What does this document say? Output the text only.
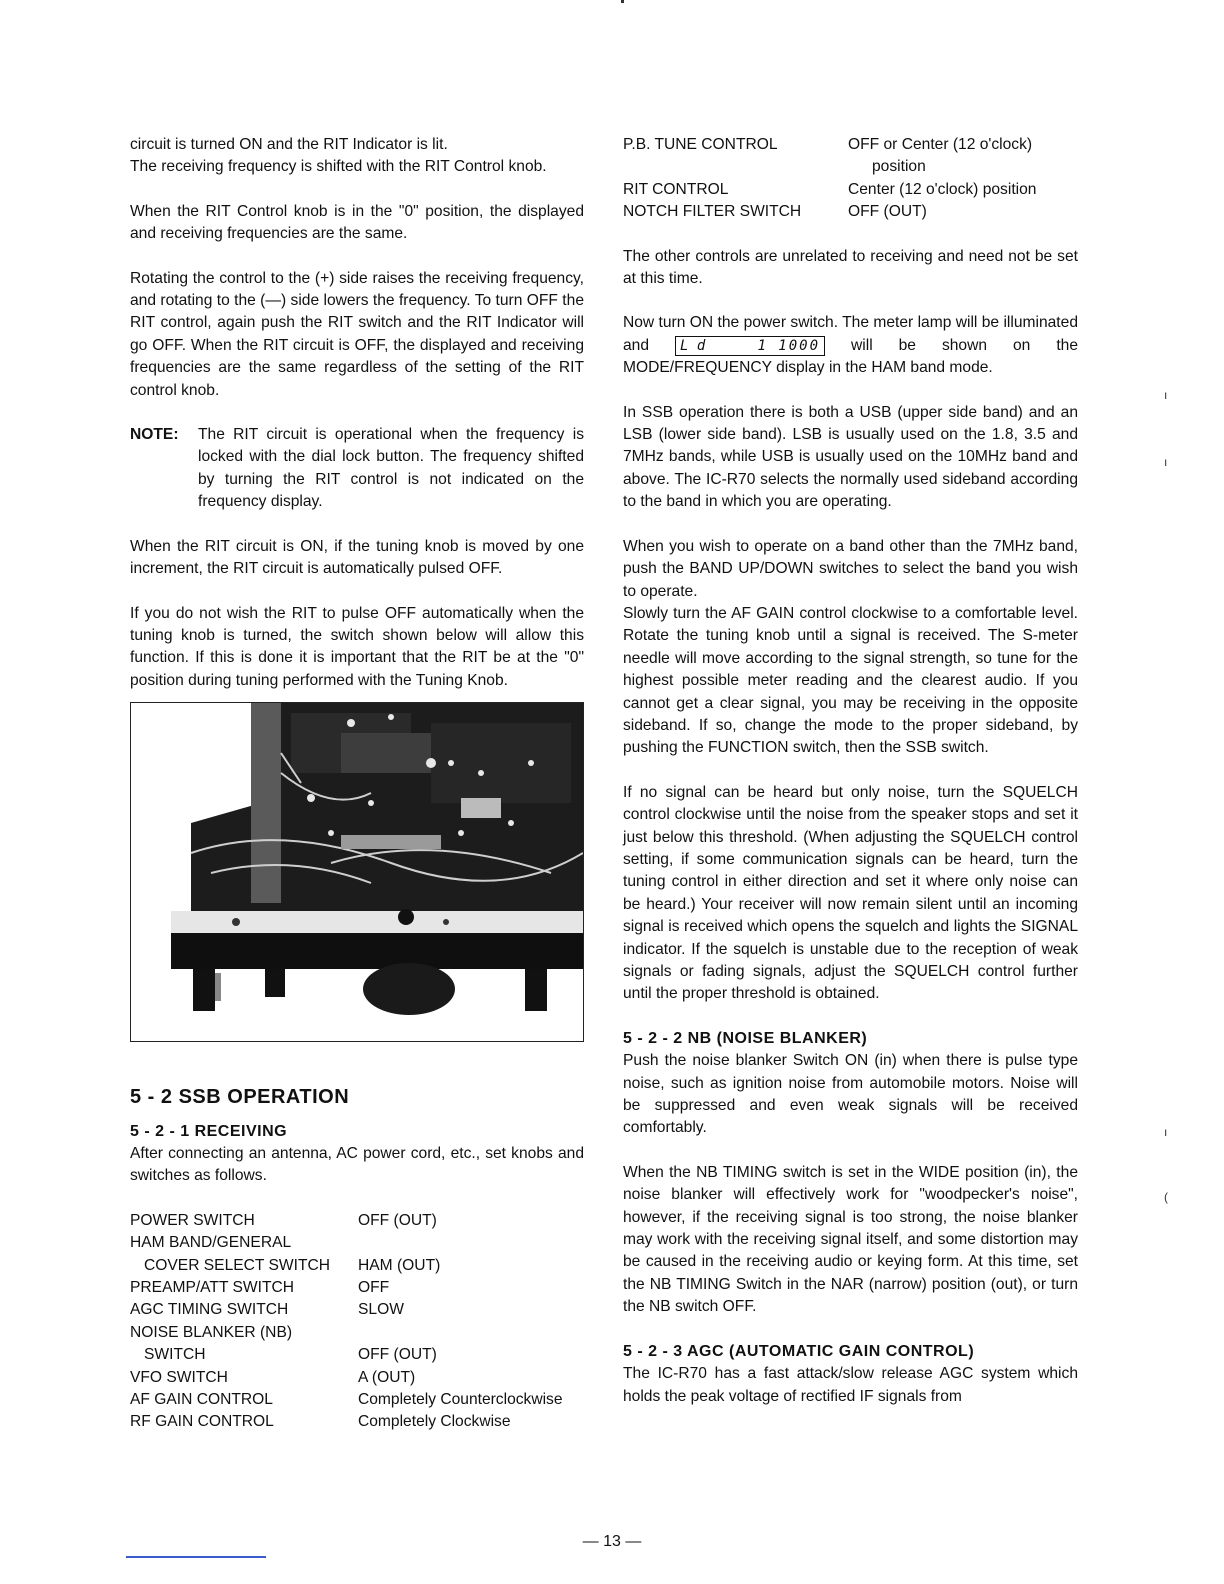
circuit is turned ON and the RIT Indicator is lit.

The receiving frequency is shifted with the RIT Control knob.

When the RIT Control knob is in the "0" position, the displayed and receiving frequencies are the same.

Rotating the control to the (+) side raises the receiving frequency, and rotating to the (—) side lowers the frequency. To turn OFF the RIT control, again push the RIT switch and the RIT Indicator will go OFF. When the RIT circuit is OFF, the displayed and receiving frequencies are the same regardless of the setting of the RIT control knob.

NOTE:	The RIT circuit is operational when the frequency is locked with the dial lock button. The frequency shifted by turning the RIT control is not indicated on the frequency display.

When the RIT circuit is ON, if the tuning knob is moved by one increment, the RIT circuit is automatically pulsed OFF.

If you do not wish the RIT to pulse OFF automatically when the tuning knob is turned, the switch shown below will allow this function. If this is done it is important that the RIT be at the "0" position during tuning performed with the Tuning Knob.

5 - 2 SSB OPERATION
5 - 2 - 1 RECEIVING

After connecting an antenna, AC power cord, etc., set knobs and switches as follows.

POWER SWITCH	OFF (OUT)
HAM BAND/GENERAL
COVER SELECT SWITCH	HAM (OUT)
PREAMP/ATT SWITCH	OFF
AGC TIMING SWITCH	SLOW
NOISE BLANKER (NB)
SWITCH	OFF (OUT)
VFO SWITCH	A (OUT)
AF GAIN CONTROL	Completely Counterclockwise
RF GAIN CONTROL	Completely Clockwise
P.B. TUNE CONTROL	OFF or Center (12 o'clock)
position
RIT CONTROL	Center (12 o'clock) position
NOTCH FILTER SWITCH	OFF (OUT)

The other controls are unrelated to receiving and need not be set at this time.

Now turn ON the power switch. The meter lamp will be illuminated and L d	1 1000 will be shown on the MODE/FREQUENCY display in the HAM band mode.

In SSB operation there is both a USB (upper side band) and an LSB (lower side band). LSB is usually used on the 1.8, 3.5 and 7MHz bands, while USB is usually used on the 10MHz band and above. The IC-R70 selects the normally used sideband according to the band in which you are operating.

When you wish to operate on a band other than the 7MHz band, push the BAND UP/DOWN switches to select the band you wish to operate.

Slowly turn the AF GAIN control clockwise to a comfortable level. Rotate the tuning knob until a signal is received. The S-meter needle will move according to the signal strength, so tune for the highest possible meter reading and the clearest audio. If you cannot get a clear signal, you may be receiving in the opposite sideband. If so, change the mode to the proper sideband, by pushing the FUNCTION switch, then the SSB switch.

If no signal can be heard but only noise, turn the SQUELCH control clockwise until the noise from the speaker stops and set it just below this threshold. (When adjusting the SQUELCH control setting, if some communication signals can be heard, turn the tuning control in either direction and set it where only noise can be heard.) Your receiver will now remain silent until an incoming signal is received which opens the squelch and lights the SIGNAL indicator. If the squelch is unstable due to the reception of weak signals or fading signals, adjust the SQUELCH control further until the proper threshold is obtained.

5 - 2 - 2 NB (NOISE BLANKER)

Push the noise blanker Switch ON (in) when there is pulse type noise, such as ignition noise from automobile motors. Noise will be suppressed and even weak signals will be received comfortably.

When the NB TIMING switch is set in the WIDE position (in), the noise blanker will effectively work for "woodpecker's noise", however, if the receiving signal is too strong, the noise blanker may work with the receiving signal itself, and some distortion may be caused in the receiving audio or keying form. At this time, set the NB TIMING Switch in the NAR (narrow) position (out), or turn the NB switch OFF.

5 - 2 - 3 AGC (AUTOMATIC GAIN CONTROL)

The IC-R70 has a fast attack/slow release AGC system which holds the peak voltage of rectified IF signals from

ı
ı
ı
(
— 13 —
